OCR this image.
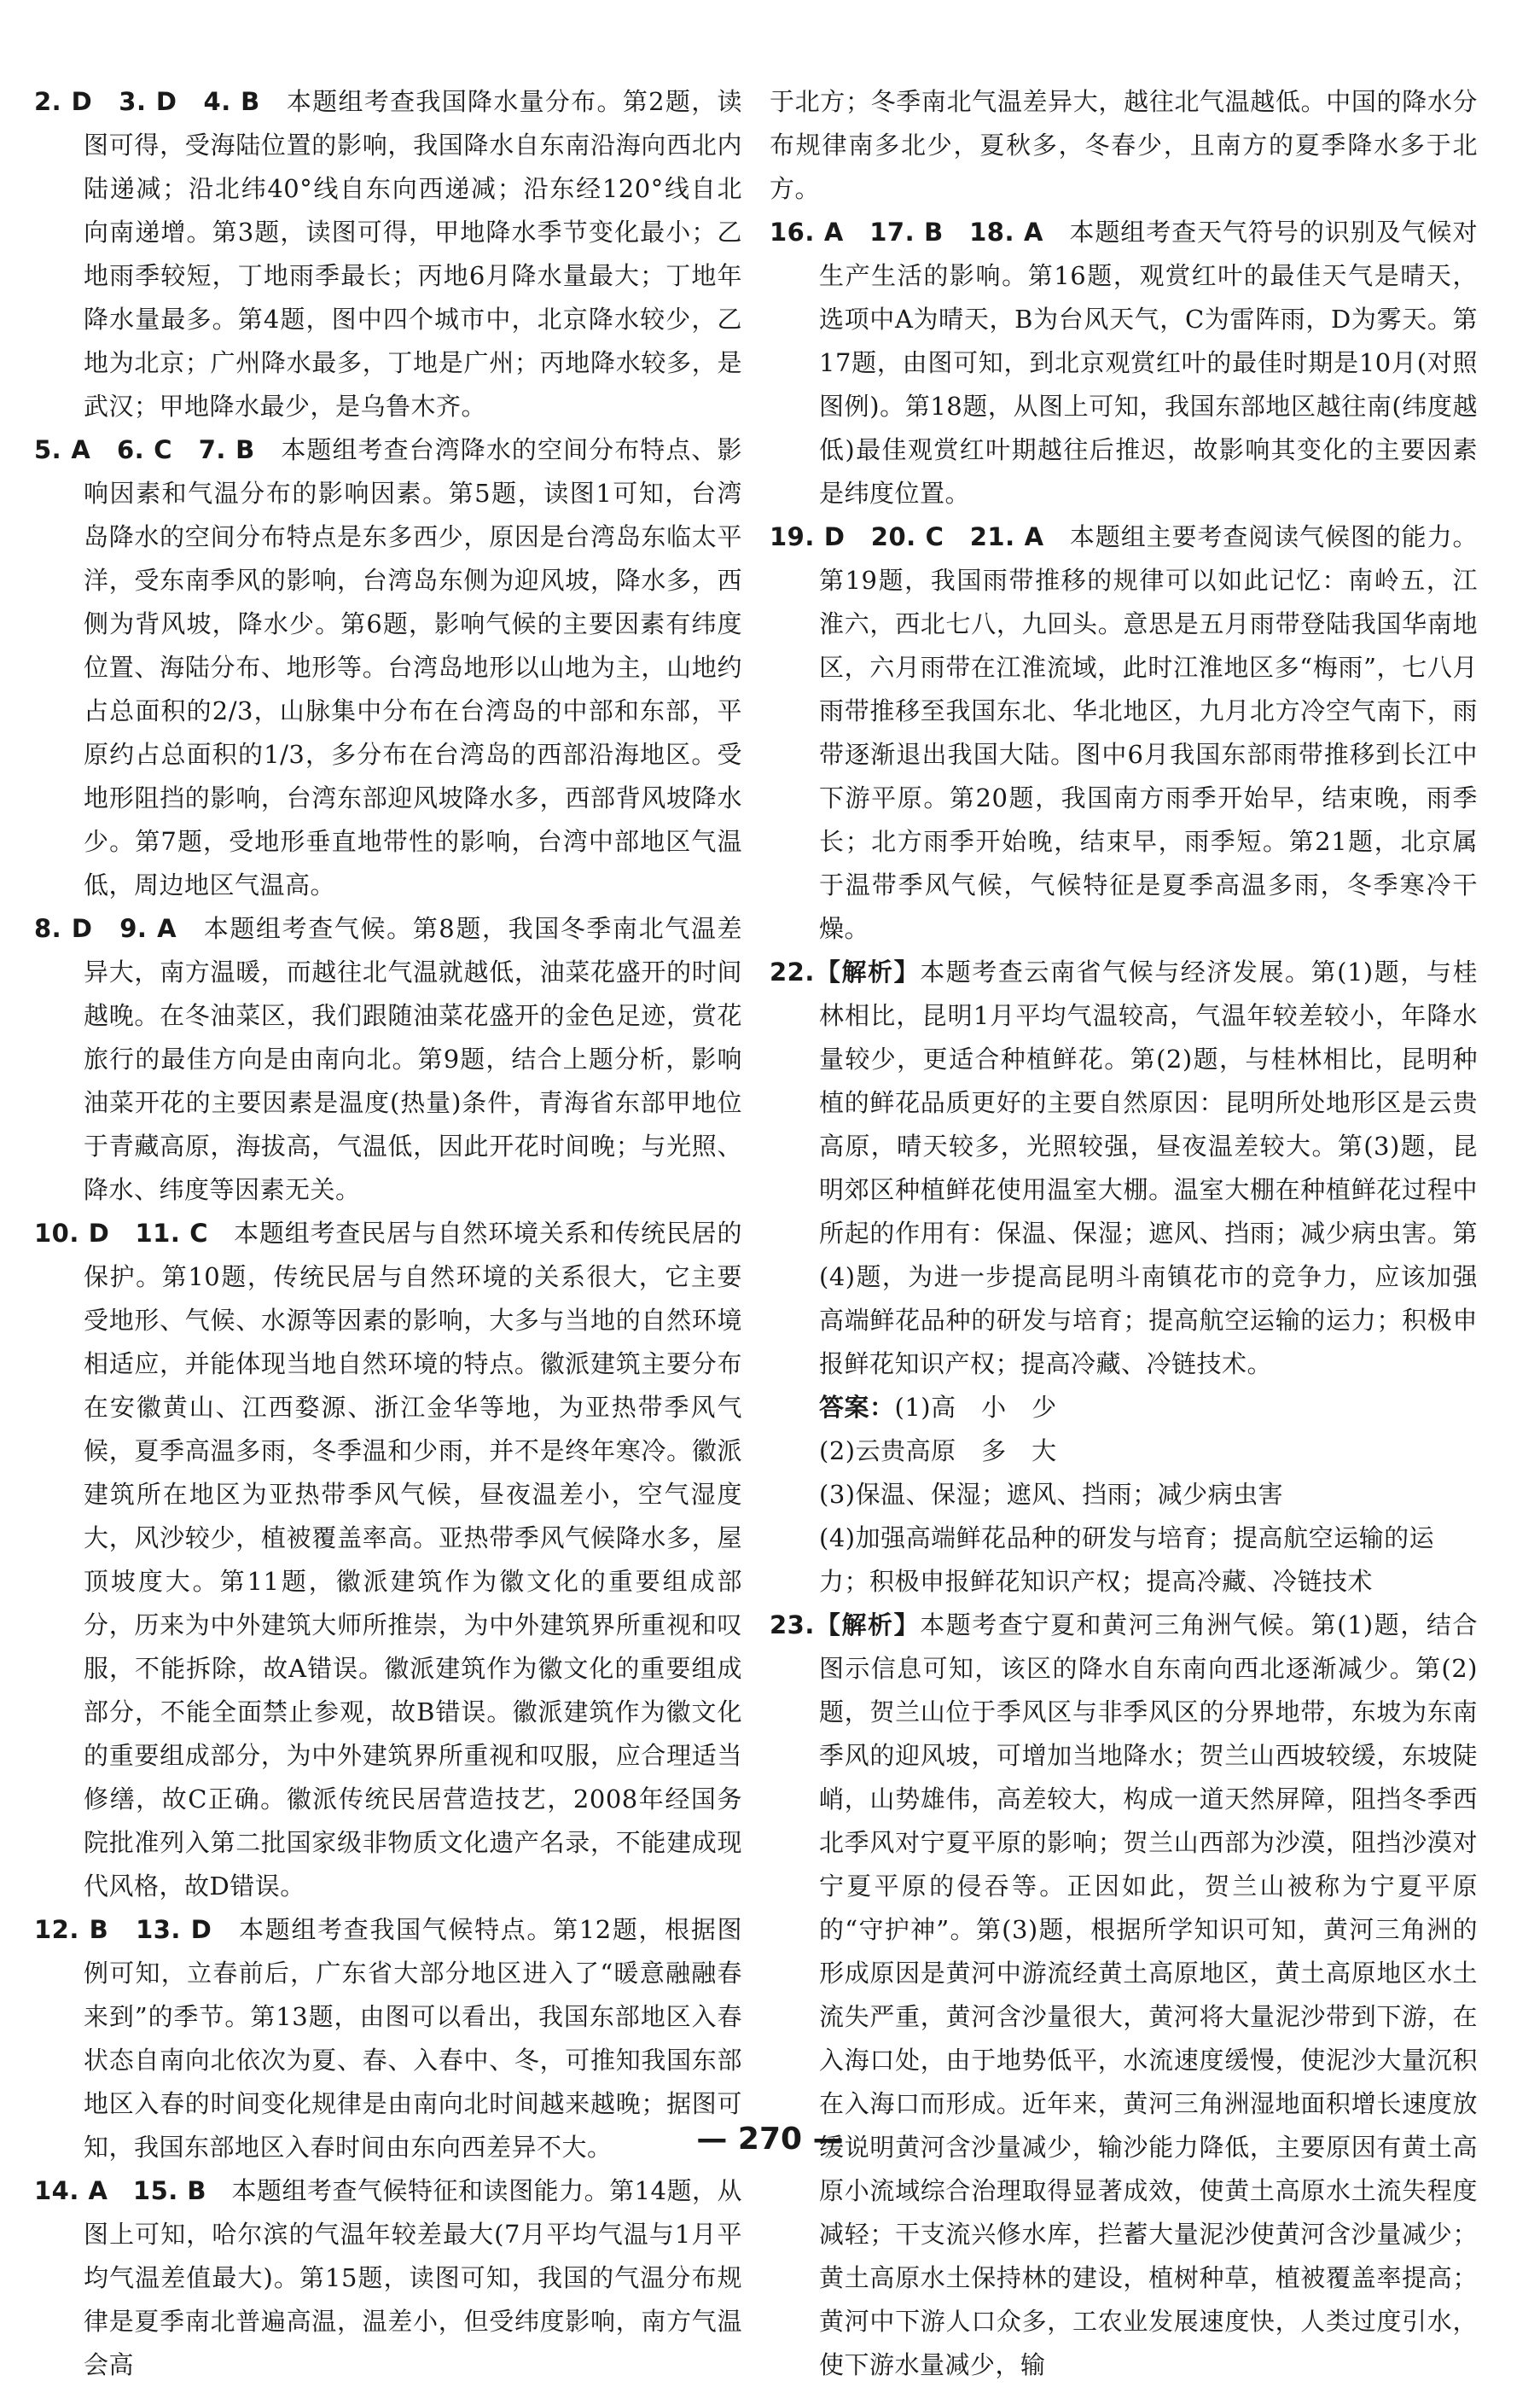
2. D　3. D　4. B　本题组考查我国降水量分布。第2题，读图可得，受海陆位置的影响，我国降水自东南沿海向西北内陆递减；沿北纬40°线自东向西递减；沿东经120°线自北向南递增。第3题，读图可得，甲地降水季节变化最小；乙地雨季较短，丁地雨季最长；丙地6月降水量最大；丁地年降水量最多。第4题，图中四个城市中，北京降水较少，乙地为北京；广州降水最多，丁地是广州；丙地降水较多，是武汉；甲地降水最少，是乌鲁木齐。
5. A　6. C　7. B　本题组考查台湾降水的空间分布特点、影响因素和气温分布的影响因素。第5题，读图1可知，台湾岛降水的空间分布特点是东多西少，原因是台湾岛东临太平洋，受东南季风的影响，台湾岛东侧为迎风坡，降水多，西侧为背风坡，降水少。第6题，影响气候的主要因素有纬度位置、海陆分布、地形等。台湾岛地形以山地为主，山地约占总面积的2/3，山脉集中分布在台湾岛的中部和东部，平原约占总面积的1/3，多分布在台湾岛的西部沿海地区。受地形阻挡的影响，台湾东部迎风坡降水多，西部背风坡降水少。第7题，受地形垂直地带性的影响，台湾中部地区气温低，周边地区气温高。
8. D　9. A　本题组考查气候。第8题，我国冬季南北气温差异大，南方温暖，而越往北气温就越低，油菜花盛开的时间越晚。在冬油菜区，我们跟随油菜花盛开的金色足迹，赏花旅行的最佳方向是由南向北。第9题，结合上题分析，影响油菜开花的主要因素是温度(热量)条件，青海省东部甲地位于青藏高原，海拔高，气温低，因此开花时间晚；与光照、降水、纬度等因素无关。
10. D　11. C　本题组考查民居与自然环境关系和传统民居的保护。第10题，传统民居与自然环境的关系很大，它主要受地形、气候、水源等因素的影响，大多与当地的自然环境相适应，并能体现当地自然环境的特点。徽派建筑主要分布在安徽黄山、江西婺源、浙江金华等地，为亚热带季风气候，夏季高温多雨，冬季温和少雨，并不是终年寒冷。徽派建筑所在地区为亚热带季风气候，昼夜温差小，空气湿度大，风沙较少，植被覆盖率高。亚热带季风气候降水多，屋顶坡度大。第11题，徽派建筑作为徽文化的重要组成部分，历来为中外建筑大师所推崇，为中外建筑界所重视和叹服，不能拆除，故A错误。徽派建筑作为徽文化的重要组成部分，不能全面禁止参观，故B错误。徽派建筑作为徽文化的重要组成部分，为中外建筑界所重视和叹服，应合理适当修缮，故C正确。徽派传统民居营造技艺，2008年经国务院批准列入第二批国家级非物质文化遗产名录，不能建成现代风格，故D错误。
12. B　13. D　本题组考查我国气候特点。第12题，根据图例可知，立春前后，广东省大部分地区进入了“暖意融融春来到”的季节。第13题，由图可以看出，我国东部地区入春状态自南向北依次为夏、春、入春中、冬，可推知我国东部地区入春的时间变化规律是由南向北时间越来越晚；据图可知，我国东部地区入春时间由东向西差异不大。
14. A　15. B　本题组考查气候特征和读图能力。第14题，从图上可知，哈尔滨的气温年较差最大(7月平均气温与1月平均气温差值最大)。第15题，读图可知，我国的气温分布规律是夏季南北普遍高温，温差小，但受纬度影响，南方气温会高
于北方；冬季南北气温差异大，越往北气温越低。中国的降水分布规律南多北少，夏秋多，冬春少，且南方的夏季降水多于北方。
16. A　17. B　18. A　本题组考查天气符号的识别及气候对生产生活的影响。第16题，观赏红叶的最佳天气是晴天，选项中A为晴天，B为台风天气，C为雷阵雨，D为雾天。第17题，由图可知，到北京观赏红叶的最佳时期是10月(对照图例)。第18题，从图上可知，我国东部地区越往南(纬度越低)最佳观赏红叶期越往后推迟，故影响其变化的主要因素是纬度位置。
19. D　20. C　21. A　本题组主要考查阅读气候图的能力。第19题，我国雨带推移的规律可以如此记忆：南岭五，江淮六，西北七八，九回头。意思是五月雨带登陆我国华南地区，六月雨带在江淮流域，此时江淮地区多“梅雨”，七八月雨带推移至我国东北、华北地区，九月北方冷空气南下，雨带逐渐退出我国大陆。图中6月我国东部雨带推移到长江中下游平原。第20题，我国南方雨季开始早，结束晚，雨季长；北方雨季开始晚，结束早，雨季短。第21题，北京属于温带季风气候，气候特征是夏季高温多雨，冬季寒冷干燥。
22.【解析】本题考查云南省气候与经济发展。第(1)题，与桂林相比，昆明1月平均气温较高，气温年较差较小，年降水量较少，更适合种植鲜花。第(2)题，与桂林相比，昆明种植的鲜花品质更好的主要自然原因：昆明所处地形区是云贵高原，晴天较多，光照较强，昼夜温差较大。第(3)题，昆明郊区种植鲜花使用温室大棚。温室大棚在种植鲜花过程中所起的作用有：保温、保湿；遮风、挡雨；减少病虫害。第(4)题，为进一步提高昆明斗南镇花市的竞争力，应该加强高端鲜花品种的研发与培育；提高航空运输的运力；积极申报鲜花知识产权；提高冷藏、冷链技术。
答案：(1)高　小　少
(2)云贵高原　多　大
(3)保温、保湿；遮风、挡雨；减少病虫害
(4)加强高端鲜花品种的研发与培育；提高航空运输的运力；积极申报鲜花知识产权；提高冷藏、冷链技术
23.【解析】本题考查宁夏和黄河三角洲气候。第(1)题，结合图示信息可知，该区的降水自东南向西北逐渐减少。第(2)题，贺兰山位于季风区与非季风区的分界地带，东坡为东南季风的迎风坡，可增加当地降水；贺兰山西坡较缓，东坡陡峭，山势雄伟，高差较大，构成一道天然屏障，阻挡冬季西北季风对宁夏平原的影响；贺兰山西部为沙漠，阻挡沙漠对宁夏平原的侵吞等。正因如此，贺兰山被称为宁夏平原的“守护神”。第(3)题，根据所学知识可知，黄河三角洲的形成原因是黄河中游流经黄土高原地区，黄土高原地区水土流失严重，黄河含沙量很大，黄河将大量泥沙带到下游，在入海口处，由于地势低平，水流速度缓慢，使泥沙大量沉积在入海口而形成。近年来，黄河三角洲湿地面积增长速度放缓说明黄河含沙量减少，输沙能力降低，主要原因有黄土高原小流域综合治理取得显著成效，使黄土高原水土流失程度减轻；干支流兴修水库，拦蓄大量泥沙使黄河含沙量减少；黄土高原水土保持林的建设，植树种草，植被覆盖率提高；黄河中下游人口众多，工农业发展速度快，人类过度引水，使下游水量减少，输
— 270 —
